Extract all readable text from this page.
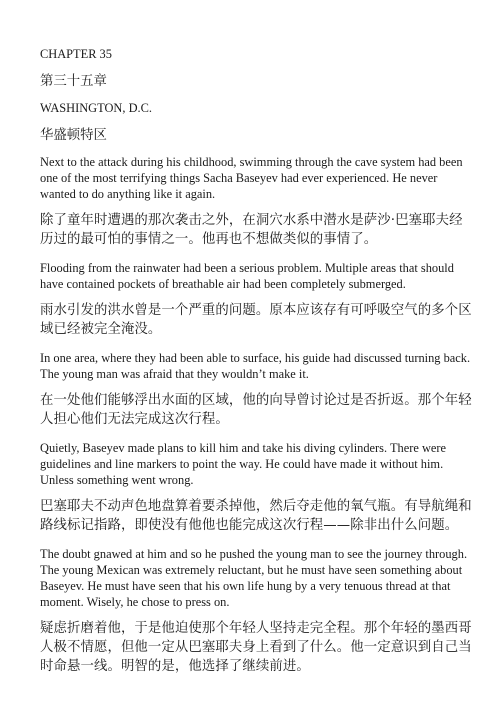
CHAPTER 35

第三十五章

WASHINGTON, D.C.

华盛顿特区

Next to the attack during his childhood, swimming through the cave system had been one of the most terrifying things Sacha Baseyev had ever experienced. He never wanted to do anything like it again.

除了童年时遭遇的那次袭击之外，在洞穴水系中潜水是萨沙·巴塞耶夫经历过的最可怕的事情之一。他再也不想做类似的事情了。

Flooding from the rainwater had been a serious problem. Multiple areas that should have contained pockets of breathable air had been completely submerged.

雨水引发的洪水曾是一个严重的问题。原本应该存有可呼吸空气的多个区域已经被完全淹没。

In one area, where they had been able to surface, his guide had discussed turning back. The young man was afraid that they wouldn’t make it.

在一处他们能够浮出水面的区域，他的向导曾讨论过是否折返。那个年轻人担心他们无法完成这次行程。

Quietly, Baseyev made plans to kill him and take his diving cylinders. There were guidelines and line markers to point the way. He could have made it without him. Unless something went wrong.

巴塞耶夫不动声色地盘算着要杀掉他，然后夺走他的氧气瓶。有导航绳和路线标记指路，即使没有他他也能完成这次行程——除非出什么问题。

The doubt gnawed at him and so he pushed the young man to see the journey through. The young Mexican was extremely reluctant, but he must have seen something about Baseyev. He must have seen that his own life hung by a very tenuous thread at that moment. Wisely, he chose to press on.

疑虑折磨着他，于是他迫使那个年轻人坚持走完全程。那个年轻的墨西哥人极不情愿，但他一定从巴塞耶夫身上看到了什么。他一定意识到自己当时命悬一线。明智的是，他选择了继续前进。
